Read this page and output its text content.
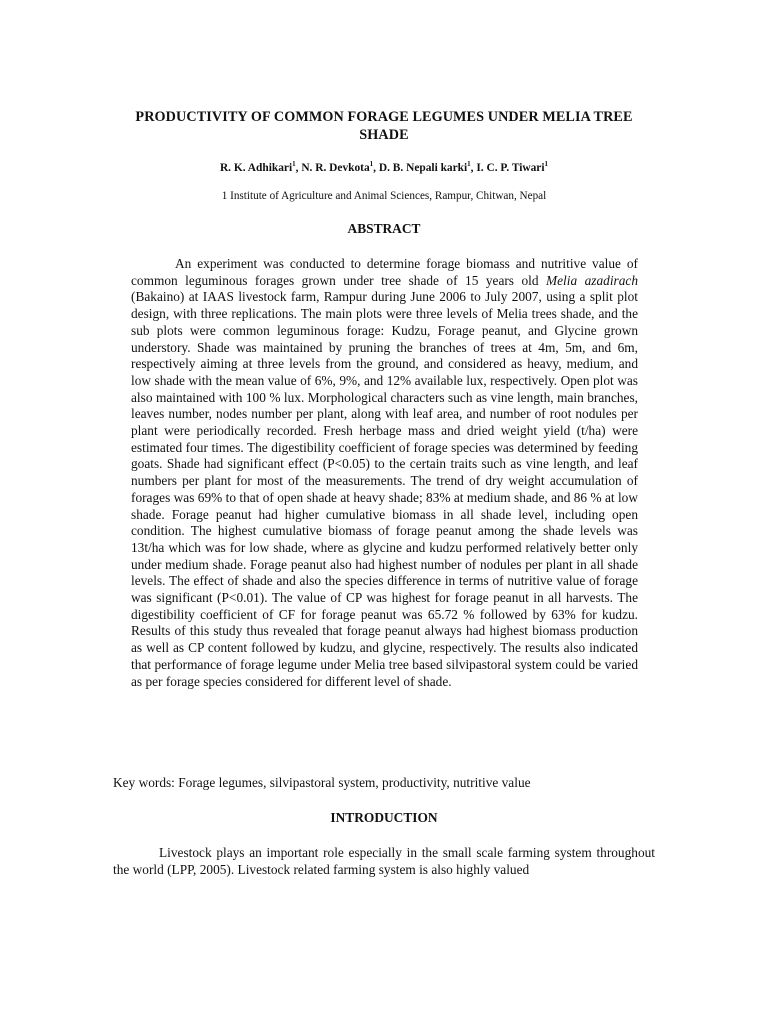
PRODUCTIVITY OF COMMON FORAGE LEGUMES UNDER MELIA TREE SHADE
R. K. Adhikari$^1$, N. R. Devkota$^1$, D. B. Nepali karki$^1$, I. C. P. Tiwari$^1$
1 Institute of Agriculture and Animal Sciences, Rampur, Chitwan, Nepal
ABSTRACT

An experiment was conducted to determine forage biomass and nutritive value of common leguminous forages grown under tree shade of 15 years old Melia azadirach (Bakaino) at IAAS livestock farm, Rampur during June 2006 to July 2007, using a split plot design, with three replications. The main plots were three levels of Melia trees shade, and the sub plots were common leguminous forage: Kudzu, Forage peanut, and Glycine grown understory. Shade was maintained by pruning the branches of trees at 4m, 5m, and 6m, respectively aiming at three levels from the ground, and considered as heavy, medium, and low shade with the mean value of 6%, 9%, and 12% available lux, respectively. Open plot was also maintained with 100 % lux. Morphological characters such as vine length, main branches, leaves number, nodes number per plant, along with leaf area, and number of root nodules per plant were periodically recorded. Fresh herbage mass and dried weight yield (t/ha) were estimated four times. The digestibility coefficient of forage species was determined by feeding goats. Shade had significant effect (P<0.05) to the certain traits such as vine length, and leaf numbers per plant for most of the measurements. The trend of dry weight accumulation of forages was 69% to that of open shade at heavy shade; 83% at medium shade, and 86 % at low shade. Forage peanut had higher cumulative biomass in all shade level, including open condition. The highest cumulative biomass of forage peanut among the shade levels was 13t/ha which was for low shade, where as glycine and kudzu performed relatively better only under medium shade. Forage peanut also had highest number of nodules per plant in all shade levels. The effect of shade and also the species difference in terms of nutritive value of forage was significant (P<0.01). The value of CP was highest for forage peanut in all harvests. The digestibility coefficient of CF for forage peanut was 65.72 % followed by 63% for kudzu. Results of this study thus revealed that forage peanut always had highest biomass production as well as CP content followed by kudzu, and glycine, respectively. The results also indicated that performance of forage legume under Melia tree based silvipastoral system could be varied as per forage species considered for different level of shade.

Key words: Forage legumes, silvipastoral system, productivity, nutritive value

INTRODUCTION

Livestock plays an important role especially in the small scale farming system throughout the world (LPP, 2005). Livestock related farming system is also highly valued
